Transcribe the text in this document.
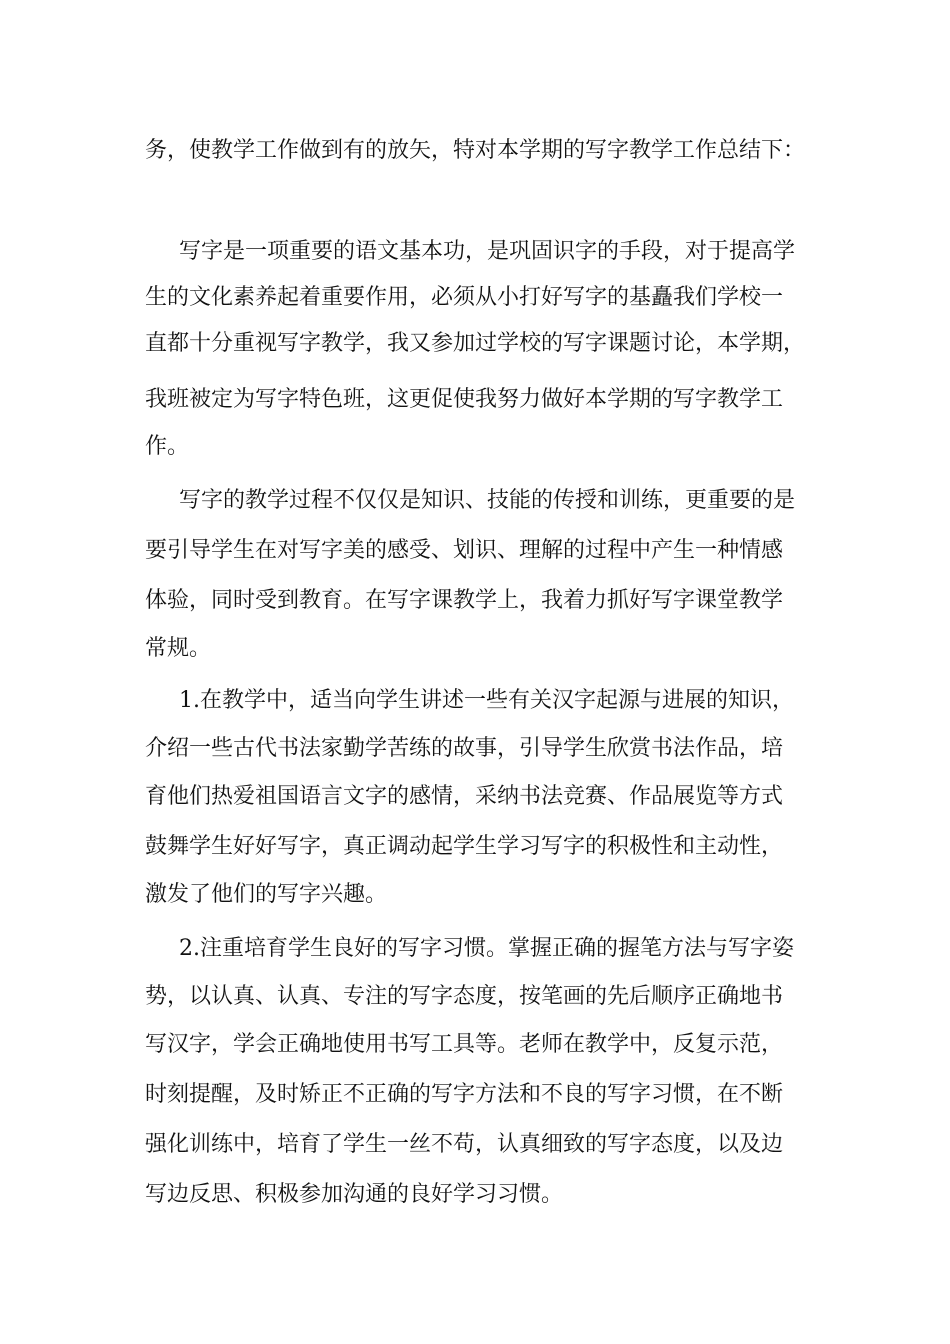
务，使教学工作做到有的放矢，特对本学期的写字教学工作总结下：
写字是一项重要的语文基本功，是巩固识字的手段，对于提高学
生的文化素养起着重要作用，必须从小打好写字的基矗我们学校一
直都十分重视写字教学，我又参加过学校的写字课题讨论，本学期，
我班被定为写字特色班，这更促使我努力做好本学期的写字教学工
作。
写字的教学过程不仅仅是知识、技能的传授和训练，更重要的是
要引导学生在对写字美的感受、划识、理解的过程中产生一种情感
体验，同时受到教育。在写字课教学上，我着力抓好写字课堂教学
常规。
1.在教学中，适当向学生讲述一些有关汉字起源与进展的知识，
介绍一些古代书法家勤学苦练的故事，引导学生欣赏书法作品，培
育他们热爱祖国语言文字的感情，采纳书法竞赛、作品展览等方式
鼓舞学生好好写字，真正调动起学生学习写字的积极性和主动性，
激发了他们的写字兴趣。
2.注重培育学生良好的写字习惯。掌握正确的握笔方法与写字姿
势，以认真、认真、专注的写字态度，按笔画的先后顺序正确地书
写汉字，学会正确地使用书写工具等。老师在教学中，反复示范，
时刻提醒，及时矫正不正确的写字方法和不良的写字习惯，在不断
强化训练中，培育了学生一丝不苟，认真细致的写字态度，以及边
写边反思、积极参加沟通的良好学习习惯。
